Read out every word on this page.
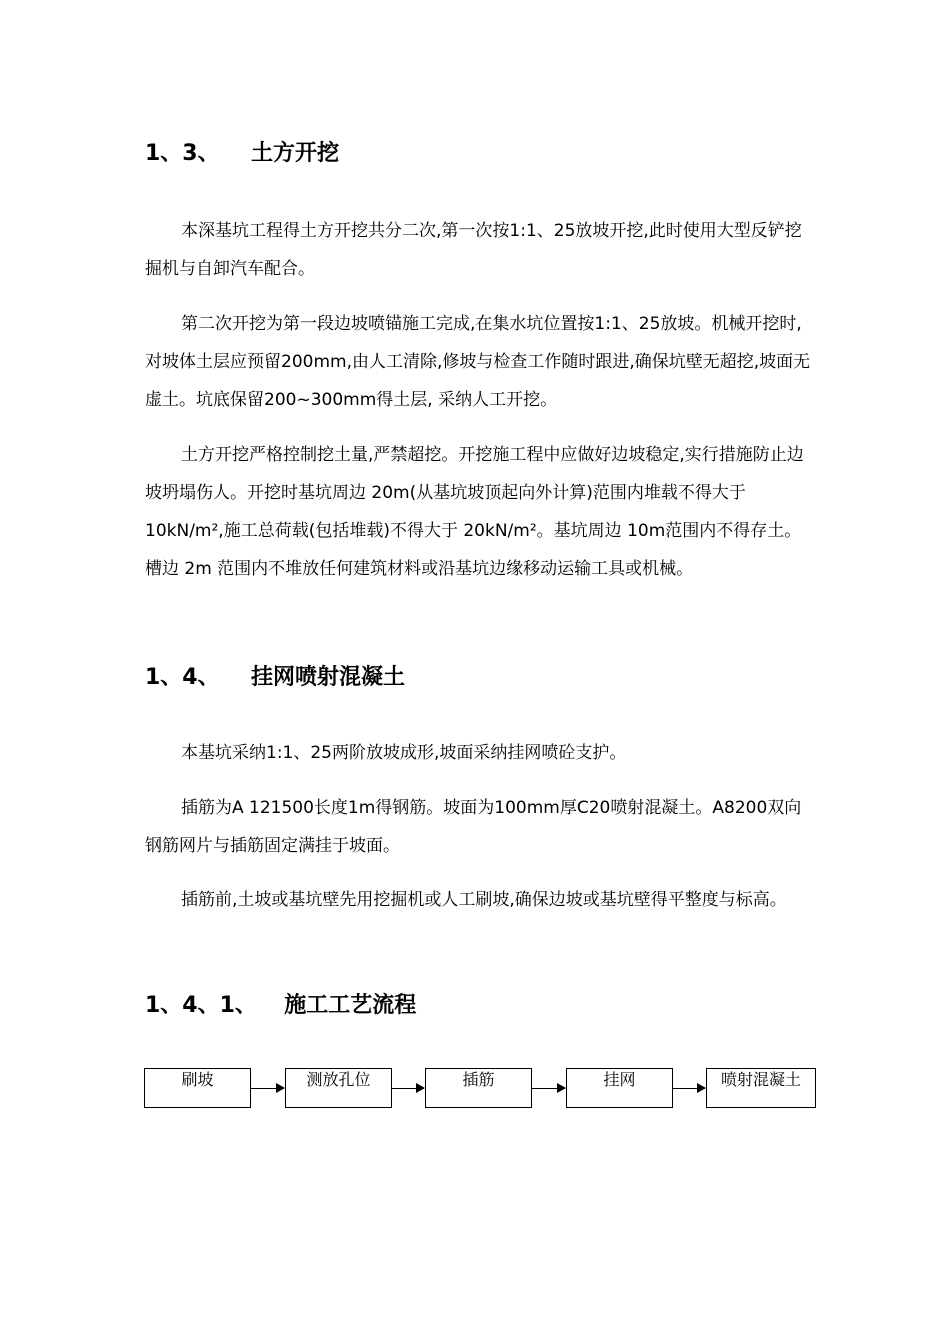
1、3、 土方开挖

本深基坑工程得土方开挖共分二次,第一次按1:1、25放坡开挖,此时使用大型反铲挖掘机与自卸汽车配合。

第二次开挖为第一段边坡喷锚施工完成,在集水坑位置按1:1、25放坡。机械开挖时,对坡体土层应预留200mm,由人工清除,修坡与检查工作随时跟进,确保坑壁无超挖,坡面无虚土。坑底保留200~300mm得土层, 采纳人工开挖。

土方开挖严格控制挖土量,严禁超挖。开挖施工程中应做好边坡稳定,实行措施防止边坡坍塌伤人。开挖时基坑周边 20m(从基坑坡顶起向外计算)范围内堆载不得大于 10kN/m²,施工总荷载(包括堆载)不得大于 20kN/m²。基坑周边 10m范围内不得存土。槽边 2m 范围内不堆放任何建筑材料或沿基坑边缘移动运输工具或机械。

1、4、 挂网喷射混凝土

本基坑采纳1:1、25两阶放坡成形,坡面采纳挂网喷砼支护。

插筋为A 121500长度1m得钢筋。坡面为100mm厚C20喷射混凝土。A8200双向钢筋网片与插筋固定满挂于坡面。

插筋前,土坡或基坑壁先用挖掘机或人工刷坡,确保边坡或基坑壁得平整度与标高。

1、4、1、 施工工艺流程
刷坡	测放孔位	插筋	挂网	喷射混凝土
